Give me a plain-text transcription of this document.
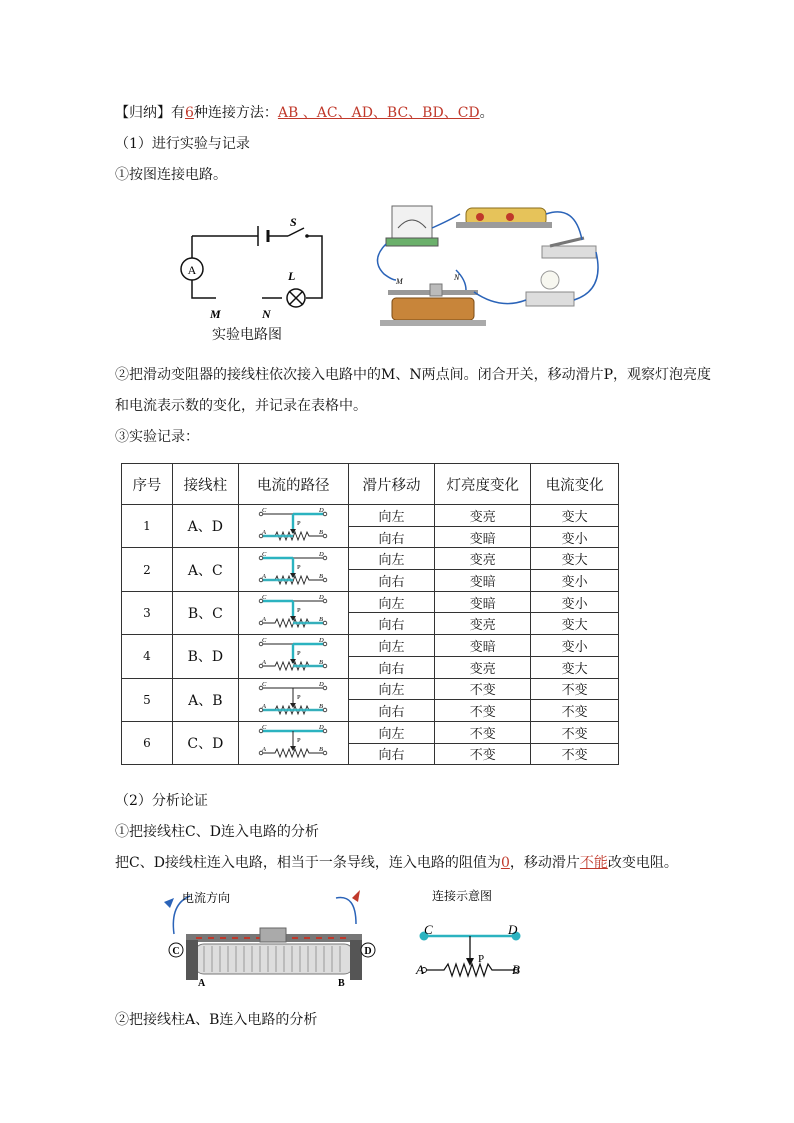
【归纳】有6种连接方法：AB 、AC、AD、BC、BD、CD。
（1）进行实验与记录
①按图连接电路。
A
S
L
M	N
实验电路图
M	N
②把滑动变阻器的接线柱依次接入电路中的M、N两点间。闭合开关，移动滑片P，观察灯泡亮度
和电流表示数的变化，并记录在表格中。
③实验记录：
序号	接线柱	电流的路径	滑片移动	灯亮度变化	电流变化
1	A、D	C D
A B
P	向左	变亮	变大
			向右	变暗	变小
2	A、C	C D
A B
P	向左	变亮	变大
			向右	变暗	变小
3	B、C	C D
A B
P	向左	变暗	变小
			向右	变亮	变大
4	B、D	C D
A B
P	向左	变暗	变小
			向右	变亮	变大
5	A、B	C D
A B
P	向左	不变	不变
			向右	不变	不变
6	C、D	C D
A B
P	向左	不变	不变
			向右	不变	不变
（2）分析论证
①把接线柱C、D连入电路的分析
把C、D接线柱连入电路，相当于一条导线，连入电路的阻值为0，移动滑片不能改变电阻。
电流方向
C	D
A	B
连接示意图
C	D
P
A	B
②把接线柱A、B连入电路的分析
